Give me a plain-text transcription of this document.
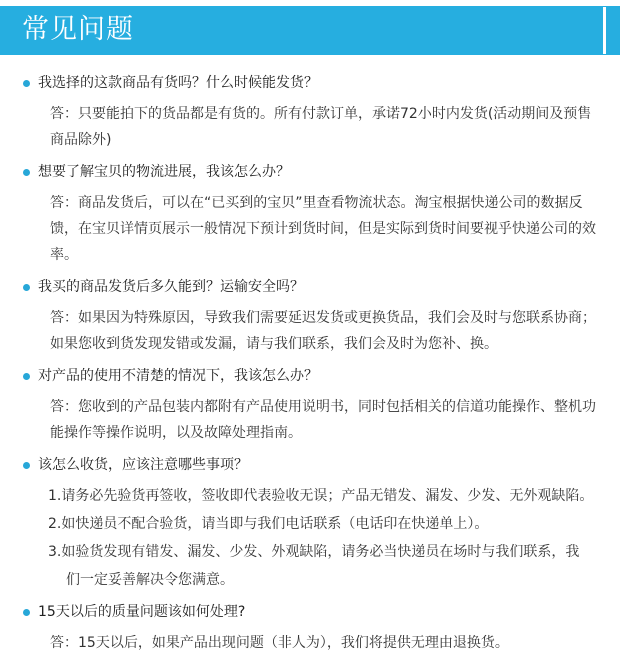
常见问题
我选择的这款商品有货吗？什么时候能发货？
答：只要能拍下的货品都是有货的。所有付款订单，承诺72小时内发货(活动期间及预售商品除外)
想要了解宝贝的物流进展，我该怎么办？
答：商品发货后，可以在“已买到的宝贝”里查看物流状态。淘宝根据快递公司的数据反馈，在宝贝详情页展示一般情况下预计到货时间，但是实际到货时间要视乎快递公司的效率。
我买的商品发货后多久能到？运输安全吗？
答：如果因为特殊原因，导致我们需要延迟发货或更换货品，我们会及时与您联系协商；如果您收到货发现发错或发漏，请与我们联系，我们会及时为您补、换。
对产品的使用不清楚的情况下，我该怎么办？
答：您收到的产品包装内都附有产品使用说明书，同时包括相关的信道功能操作、整机功能操作等操作说明，以及故障处理指南。
该怎么收货，应该注意哪些事项？
1.请务必先验货再签收，签收即代表验收无误；产品无错发、漏发、少发、无外观缺陷。
2.如快递员不配合验货，请当即与我们电话联系（电话印在快递单上）。
3.如验货发现有错发、漏发、少发、外观缺陷，请务必当快递员在场时与我们联系，我
们一定妥善解决令您满意。
15天以后的质量问题该如何处理?
答：15天以后，如果产品出现问题（非人为），我们将提供无理由退换货。
